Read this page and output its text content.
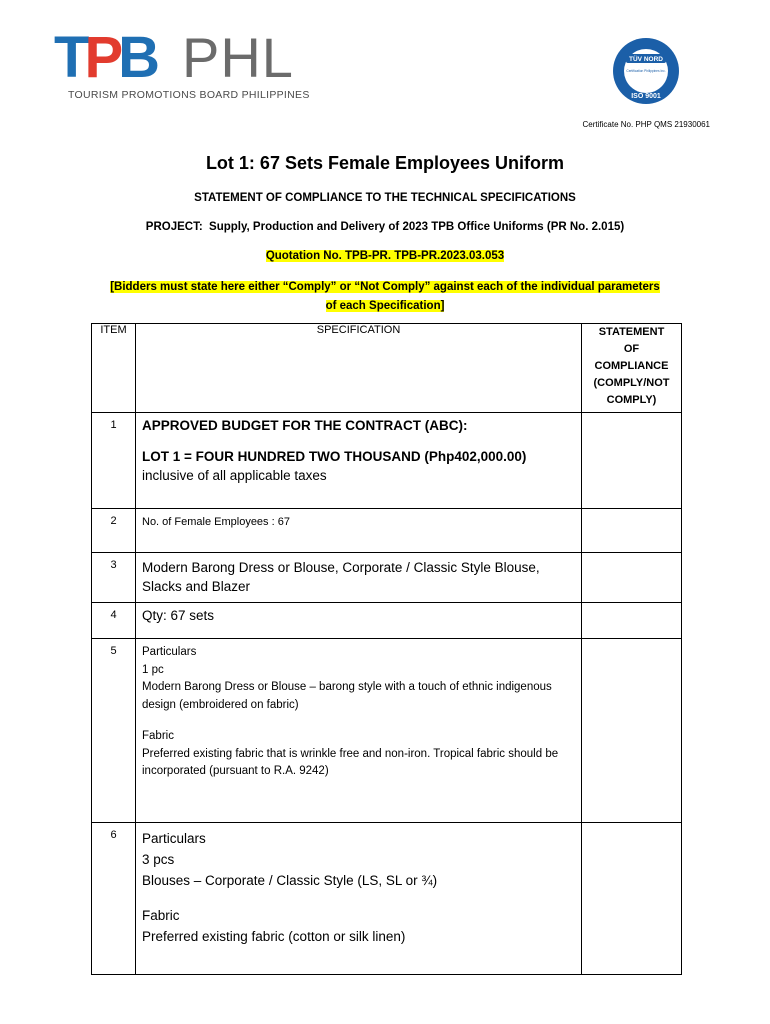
T P B PHL
TOURISM PROMOTIONS BOARD PHILIPPINES
TÜV NORD
Certification Philippines Inc.
ISO 9001
Certificate No. PHP QMS 21930061
Lot 1: 67 Sets Female Employees Uniform
STATEMENT OF COMPLIANCE TO THE TECHNICAL SPECIFICATIONS
PROJECT: Supply, Production and Delivery of 2023 TPB Office Uniforms (PR No. 2.015)
Quotation No. TPB-PR. TPB-PR.2023.03.053
[Bidders must state here either “Comply” or “Not Comply” against each of the individual parameters
of each Specification]
ITEM	SPECIFICATION	STATEMENT
OF
COMPLIANCE
(COMPLY/NOT
COMPLY)

1	APPROVED BUDGET FOR THE CONTRACT (ABC):
LOT 1 = FOUR HUNDRED TWO THOUSAND (Php402,000.00) inclusive of all applicable taxes	

2	No. of Female Employees : 67	

3	Modern Barong Dress or Blouse, Corporate / Classic Style Blouse, Slacks and Blazer	

4	Qty: 67 sets	

5	Particulars
1 pc
Modern Barong Dress or Blouse – barong style with a touch of ethnic indigenous design (embroidered on fabric)
Fabric
Preferred existing fabric that is wrinkle free and non-iron. Tropical fabric should be incorporated (pursuant to R.A. 9242)	

6	Particulars
3 pcs
Blouses – Corporate / Classic Style (LS, SL or ¾)
Fabric
Preferred existing fabric (cotton or silk linen)	
